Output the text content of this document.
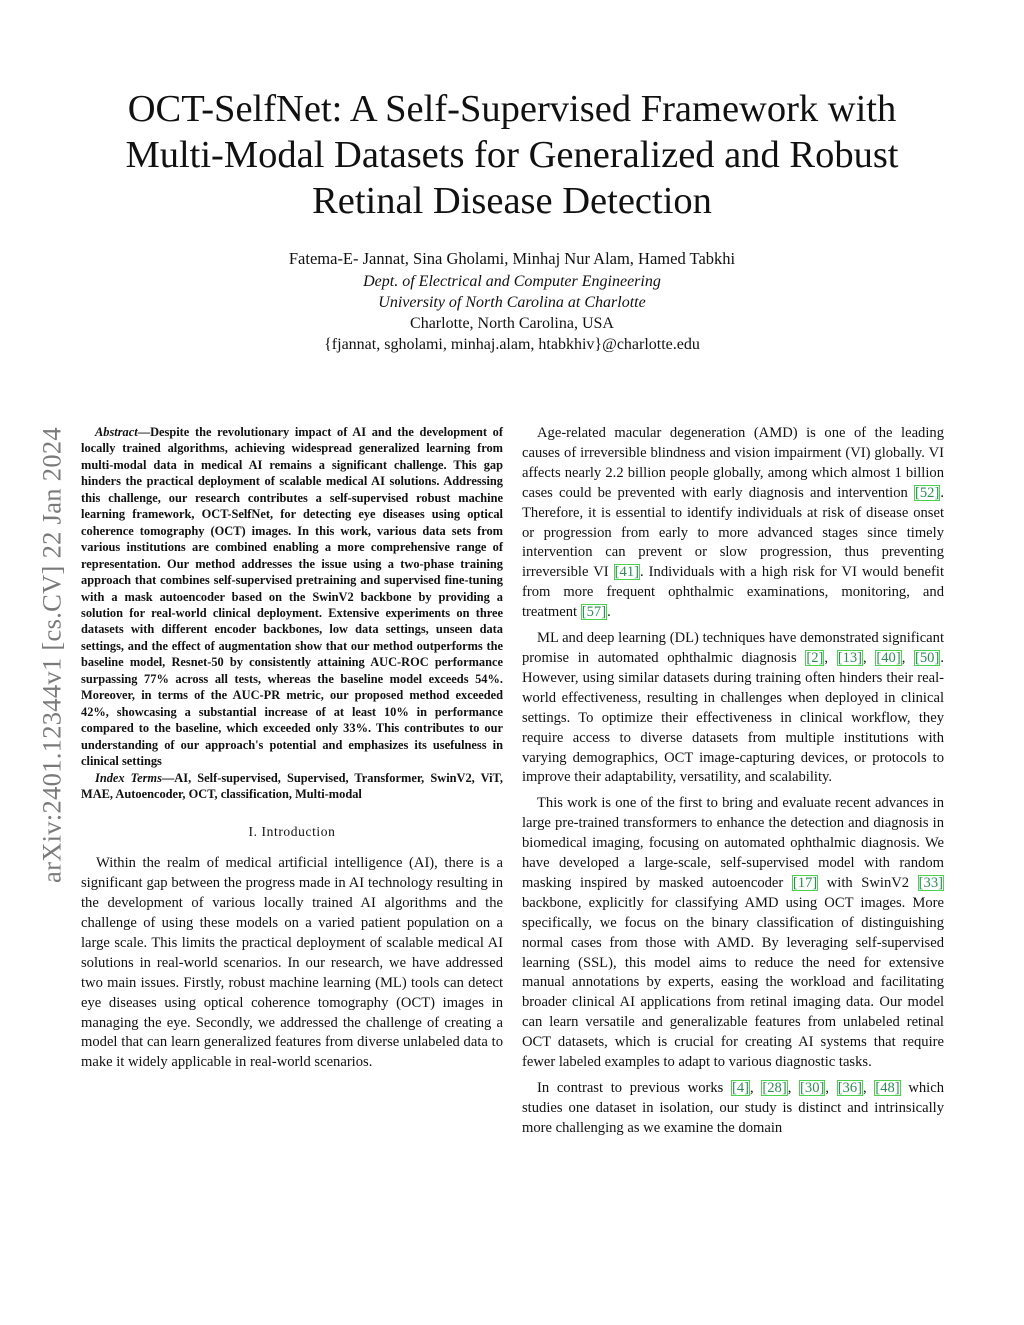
arXiv:2401.12344v1 [cs.CV] 22 Jan 2024
OCT-SelfNet: A Self-Supervised Framework with Multi-Modal Datasets for Generalized and Robust Retinal Disease Detection
Fatema-E- Jannat, Sina Gholami, Minhaj Nur Alam, Hamed Tabkhi
Dept. of Electrical and Computer Engineering
University of North Carolina at Charlotte
Charlotte, North Carolina, USA
{fjannat, sgholami, minhaj.alam, htabkhiv}@charlotte.edu

Abstract—Despite the revolutionary impact of AI and the development of locally trained algorithms, achieving widespread generalized learning from multi-modal data in medical AI remains a significant challenge. This gap hinders the practical deployment of scalable medical AI solutions. Addressing this challenge, our research contributes a self-supervised robust machine learning framework, OCT-SelfNet, for detecting eye diseases using optical coherence tomography (OCT) images. In this work, various data sets from various institutions are combined enabling a more comprehensive range of representation. Our method addresses the issue using a two-phase training approach that combines self-supervised pretraining and supervised fine-tuning with a mask autoencoder based on the SwinV2 backbone by providing a solution for real-world clinical deployment. Extensive experiments on three datasets with different encoder backbones, low data settings, unseen data settings, and the effect of augmentation show that our method outperforms the baseline model, Resnet-50 by consistently attaining AUC-ROC performance surpassing 77% across all tests, whereas the baseline model exceeds 54%. Moreover, in terms of the AUC-PR metric, our proposed method exceeded 42%, showcasing a substantial increase of at least 10% in performance compared to the baseline, which exceeded only 33%. This contributes to our understanding of our approach's potential and emphasizes its usefulness in clinical settings

Index Terms—AI, Self-supervised, Supervised, Transformer, SwinV2, ViT, MAE, Autoencoder, OCT, classification, Multi-modal
I. Introduction

Within the realm of medical artificial intelligence (AI), there is a significant gap between the progress made in AI technology resulting in the development of various locally trained AI algorithms and the challenge of using these models on a varied patient population on a large scale. This limits the practical deployment of scalable medical AI solutions in real-world scenarios. In our research, we have addressed two main issues. Firstly, robust machine learning (ML) tools can detect eye diseases using optical coherence tomography (OCT) images in managing the eye. Secondly, we addressed the challenge of creating a model that can learn generalized features from diverse unlabeled data to make it widely applicable in real-world scenarios.

Age-related macular degeneration (AMD) is one of the leading causes of irreversible blindness and vision impairment (VI) globally. VI affects nearly 2.2 billion people globally, among which almost 1 billion cases could be prevented with early diagnosis and intervention [52]. Therefore, it is essential to identify individuals at risk of disease onset or progression from early to more advanced stages since timely intervention can prevent or slow progression, thus preventing irreversible VI [41]. Individuals with a high risk for VI would benefit from more frequent ophthalmic examinations, monitoring, and treatment [57].

ML and deep learning (DL) techniques have demonstrated significant promise in automated ophthalmic diagnosis [2], [13], [40], [50]. However, using similar datasets during training often hinders their real-world effectiveness, resulting in challenges when deployed in clinical settings. To optimize their effectiveness in clinical workflow, they require access to diverse datasets from multiple institutions with varying demographics, OCT image-capturing devices, or protocols to improve their adaptability, versatility, and scalability.

This work is one of the first to bring and evaluate recent advances in large pre-trained transformers to enhance the detection and diagnosis in biomedical imaging, focusing on automated ophthalmic diagnosis. We have developed a large-scale, self-supervised model with random masking inspired by masked autoencoder [17] with SwinV2 [33] backbone, explicitly for classifying AMD using OCT images. More specifically, we focus on the binary classification of distinguishing normal cases from those with AMD. By leveraging self-supervised learning (SSL), this model aims to reduce the need for extensive manual annotations by experts, easing the workload and facilitating broader clinical AI applications from retinal imaging data. Our model can learn versatile and generalizable features from unlabeled retinal OCT datasets, which is crucial for creating AI systems that require fewer labeled examples to adapt to various diagnostic tasks.

In contrast to previous works [4], [28], [30], [36], [48] which studies one dataset in isolation, our study is distinct and intrinsically more challenging as we examine the domain
